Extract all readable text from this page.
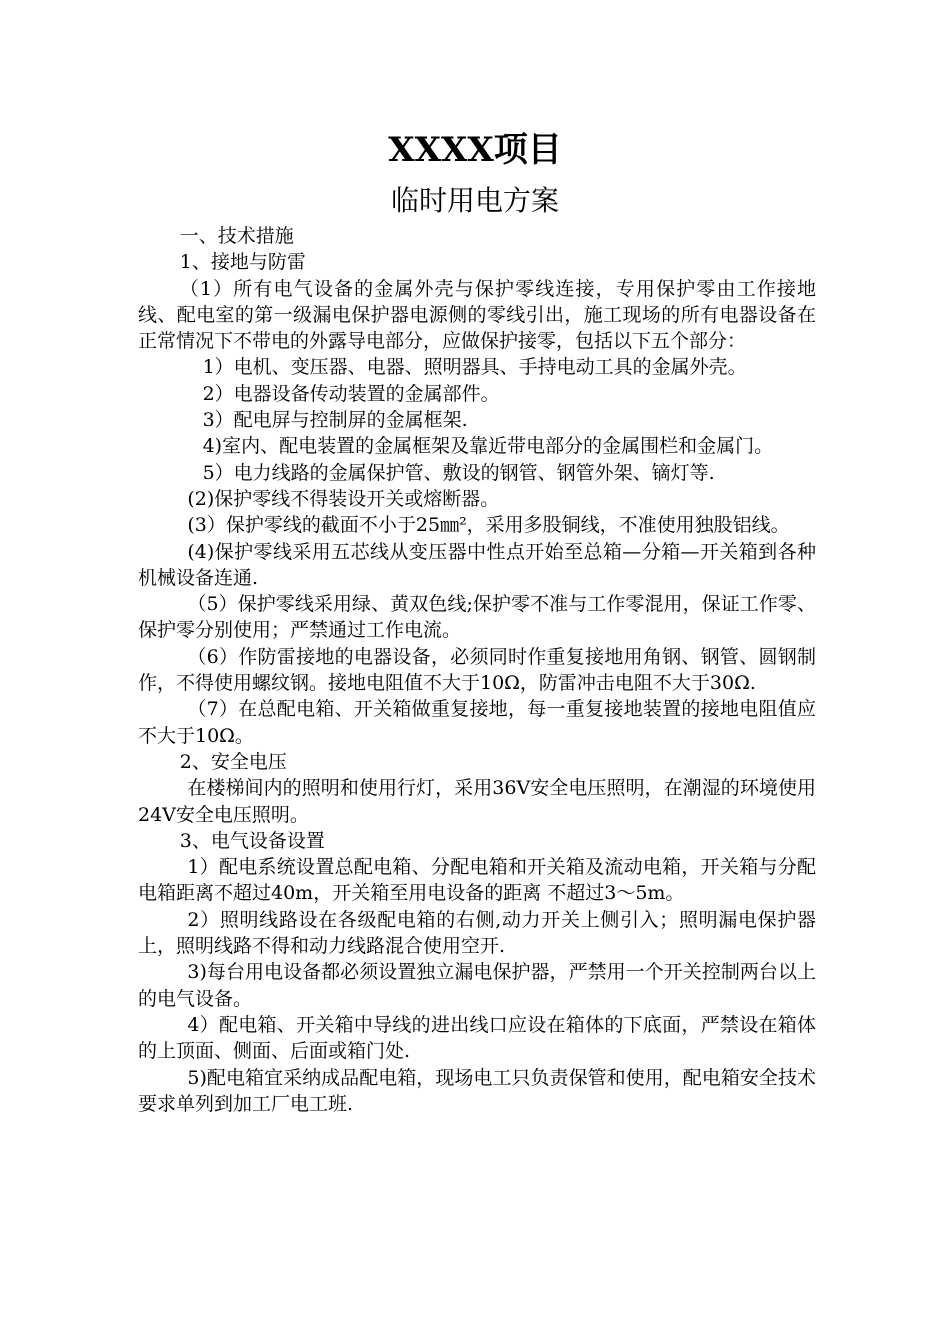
XXXX项目
临时用电方案

一、技术措施

1、接地与防雷

（1）所有电气设备的金属外壳与保护零线连接，专用保护零由工作接地线、配电室的第一级漏电保护器电源侧的零线引出，施工现场的所有电器设备在正常情况下不带电的外露导电部分，应做保护接零，包括以下五个部分：

1）电机、变压器、电器、照明器具、手持电动工具的金属外壳。

2）电器设备传动装置的金属部件。

3）配电屏与控制屏的金属框架.

4)室内、配电装置的金属框架及靠近带电部分的金属围栏和金属门。

5）电力线路的金属保护管、敷设的钢管、钢管外架、镝灯等.

(2)保护零线不得装设开关或熔断器。

(3）保护零线的截面不小于25㎜²，采用多股铜线，不准使用独股铝线。

(4)保护零线采用五芯线从变压器中性点开始至总箱—分箱—开关箱到各种机械设备连通.

（5）保护零线采用绿、黄双色线;保护零不准与工作零混用，保证工作零、保护零分别使用；严禁通过工作电流。

（6）作防雷接地的电器设备，必须同时作重复接地用角钢、钢管、圆钢制作，不得使用螺纹钢。接地电阻值不大于10Ω，防雷冲击电阻不大于30Ω.

（7）在总配电箱、开关箱做重复接地，每一重复接地装置的接地电阻值应不大于10Ω。

2、安全电压

在楼梯间内的照明和使用行灯，采用36V安全电压照明，在潮湿的环境使用24V安全电压照明。

3、电气设备设置

1）配电系统设置总配电箱、分配电箱和开关箱及流动电箱，开关箱与分配电箱距离不超过40m，开关箱至用电设备的距离 不超过3～5m。

2）照明线路设在各级配电箱的右侧,动力开关上侧引入；照明漏电保护器上，照明线路不得和动力线路混合使用空开.

3)每台用电设备都必须设置独立漏电保护器，严禁用一个开关控制两台以上的电气设备。

4）配电箱、开关箱中导线的进出线口应设在箱体的下底面，严禁设在箱体的上顶面、侧面、后面或箱门处.

5)配电箱宜采纳成品配电箱，现场电工只负责保管和使用，配电箱安全技术要求单列到加工厂电工班.
